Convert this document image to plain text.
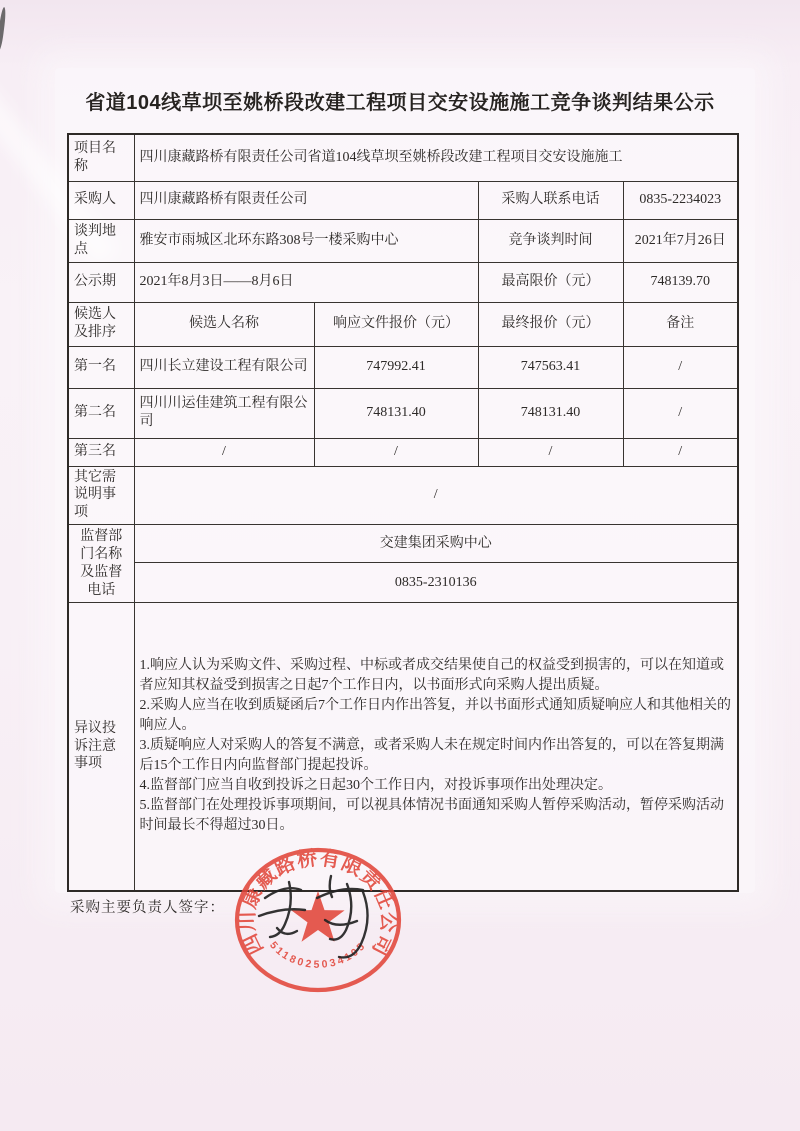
省道104线草坝至姚桥段改建工程项目交安设施施工竞争谈判结果公示
项目名称	四川康藏路桥有限责任公司省道104线草坝至姚桥段改建工程项目交安设施施工			
采购人	四川康藏路桥有限责任公司		采购人联系电话	0835-2234023
谈判地点	雅安市雨城区北环东路308号一楼采购中心		竞争谈判时间	2021年7月26日
公示期	2021年8月3日——8月6日		最高限价（元）	748139.70
候选人及排序	候选人名称	响应文件报价（元）	最终报价（元）	备注
第一名	四川长立建设工程有限公司	747992.41	747563.41	/
第二名	四川川运佳建筑工程有限公司	748131.40	748131.40	/
第三名	/	/	/	/
其它需说明事项	/			
监督部门名称及监督电话	交建集团采购中心			
	0835-2310136			
异议投诉注意事项	1.响应人认为采购文件、采购过程、中标或者成交结果使自己的权益受到损害的，可以在知道或者应知其权益受到损害之日起7个工作日内，以书面形式向采购人提出质疑。
2.采购人应当在收到质疑函后7个工作日内作出答复，并以书面形式通知质疑响应人和其他相关的响应人。
3.质疑响应人对采购人的答复不满意，或者采购人未在规定时间内作出答复的，可以在答复期满后15个工作日内向监督部门提起投诉。
4.监督部门应当自收到投诉之日起30个工作日内，对投诉事项作出处理决定。
5.监督部门在处理投诉事项期间，可以视具体情况书面通知采购人暂停采购活动，暂停采购活动时间最长不得超过30日。			
采购主要负责人签字：
四川康藏路桥有限责任公司
5118025034105
